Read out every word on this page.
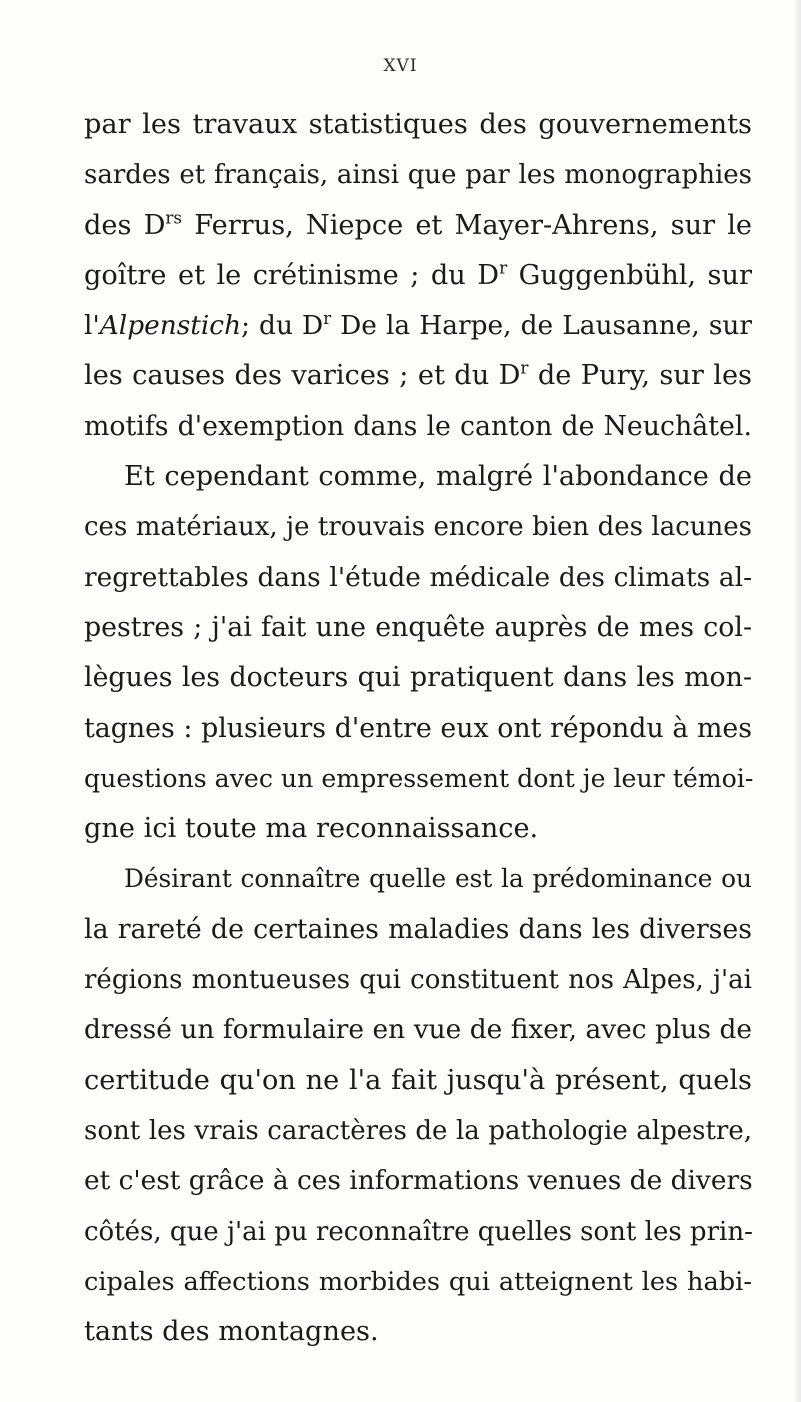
XVI
par les travaux statistiques des gouvernements
sardes et français, ainsi que par les monographies
des $D^{rs}$ Ferrus, Niepce et Mayer-Ahrens, sur le
goître et le crétinisme ; du $D^r$ Guggenbühl, sur
l'Alpenstich; du $D^r$ De la Harpe, de Lausanne, sur
les causes des varices ; et du $D^r$ de Pury, sur les
motifs d'exemption dans le canton de Neuchâtel.
Et cependant comme, malgré l'abondance de
ces matériaux, je trouvais encore bien des lacunes
regrettables dans l'étude médicale des climats al-
pestres ; j'ai fait une enquête auprès de mes col-
lègues les docteurs qui pratiquent dans les mon-
tagnes : plusieurs d'entre eux ont répondu à mes
questions avec un empressement dont je leur témoi-
gne ici toute ma reconnaissance.
Désirant connaître quelle est la prédominance ou
la rareté de certaines maladies dans les diverses
régions montueuses qui constituent nos Alpes, j'ai
dressé un formulaire en vue de fixer, avec plus de
certitude qu'on ne l'a fait jusqu'à présent, quels
sont les vrais caractères de la pathologie alpestre,
et c'est grâce à ces informations venues de divers
côtés, que j'ai pu reconnaître quelles sont les prin-
cipales affections morbides qui atteignent les habi-
tants des montagnes.
